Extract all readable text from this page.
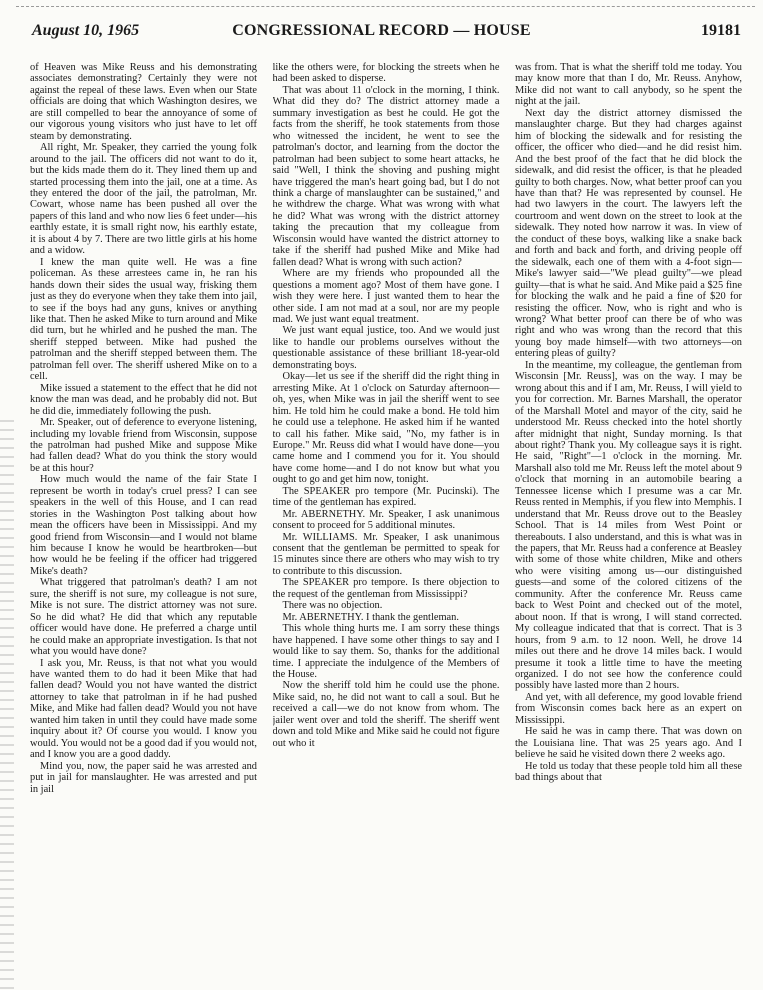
August 10, 1965	CONGRESSIONAL RECORD — HOUSE	19181

of Heaven was Mike Reuss and his demonstrating associates demonstrating? Certainly they were not against the repeal of these laws. Even when our State officials are doing that which Washington desires, we are still compelled to bear the annoyance of some of our vigorous young visitors who just have to let off steam by demonstrating.

All right, Mr. Speaker, they carried the young folk around to the jail. The officers did not want to do it, but the kids made them do it. They lined them up and started processing them into the jail, one at a time. As they entered the door of the jail, the patrolman, Mr. Cowart, whose name has been pushed all over the papers of this land and who now lies 6 feet under—his earthly estate, it is small right now, his earthly estate, it is about 4 by 7. There are two little girls at his home and a widow.

I knew the man quite well. He was a fine policeman. As these arrestees came in, he ran his hands down their sides the usual way, frisking them just as they do everyone when they take them into jail, to see if the boys had any guns, knives or anything like that. Then he asked Mike to turn around and Mike did turn, but he whirled and he pushed the man. The sheriff stepped between. Mike had pushed the patrolman and the sheriff stepped between them. The patrolman fell over. The sheriff ushered Mike on to a cell.

Mike issued a statement to the effect that he did not know the man was dead, and he probably did not. But he did die, immediately following the push.

Mr. Speaker, out of deference to everyone listening, including my lovable friend from Wisconsin, suppose the patrolman had pushed Mike and suppose Mike had fallen dead? What do you think the story would be at this hour?

How much would the name of the fair State I represent be worth in today's cruel press? I can see speakers in the well of this House, and I can read stories in the Washington Post talking about how mean the officers have been in Mississippi. And my good friend from Wisconsin—and I would not blame him because I know he would be heartbroken—but how would he be feeling if the officer had triggered Mike's death?

What triggered that patrolman's death? I am not sure, the sheriff is not sure, my colleague is not sure, Mike is not sure. The district attorney was not sure. So he did what? He did that which any reputable officer would have done. He preferred a charge until he could make an appropriate investigation. Is that not what you would have done?

I ask you, Mr. Reuss, is that not what you would have wanted them to do had it been Mike that had fallen dead? Would you not have wanted the district attorney to take that patrolman in if he had pushed Mike, and Mike had fallen dead? Would you not have wanted him taken in until they could have made some inquiry about it? Of course you would. I know you would. You would not be a good dad if you would not, and I know you are a good daddy.

Mind you, now, the paper said he was arrested and put in jail for manslaughter. He was arrested and put in jail

like the others were, for blocking the streets when he had been asked to disperse.

That was about 11 o'clock in the morning, I think. What did they do? The district attorney made a summary investigation as best he could. He got the facts from the sheriff, he took statements from those who witnessed the incident, he went to see the patrolman's doctor, and learning from the doctor the patrolman had been subject to some heart attacks, he said "Well, I think the shoving and pushing might have triggered the man's heart going bad, but I do not think a charge of manslaughter can be sustained," and he withdrew the charge. What was wrong with what he did? What was wrong with the district attorney taking the precaution that my colleague from Wisconsin would have wanted the district attorney to take if the sheriff had pushed Mike and Mike had fallen dead? What is wrong with such action?

Where are my friends who propounded all the questions a moment ago? Most of them have gone. I wish they were here. I just wanted them to hear the other side. I am not mad at a soul, nor are my people mad. We just want equal treatment.

We just want equal justice, too. And we would just like to handle our problems ourselves without the questionable assistance of these brilliant 18-year-old demonstrating boys.

Okay—let us see if the sheriff did the right thing in arresting Mike. At 1 o'clock on Saturday afternoon—oh, yes, when Mike was in jail the sheriff went to see him. He told him he could make a bond. He told him he could use a telephone. He asked him if he wanted to call his father. Mike said, "No, my father is in Europe." Mr. Reuss did what I would have done—you came home and I commend you for it. You should have come home—and I do not know but what you ought to go and get him now, tonight.

The SPEAKER pro tempore (Mr. Pucinski). The time of the gentleman has expired.

Mr. ABERNETHY. Mr. Speaker, I ask unanimous consent to proceed for 5 additional minutes.

Mr. WILLIAMS. Mr. Speaker, I ask unanimous consent that the gentleman be permitted to speak for 15 minutes since there are others who may wish to try to contribute to this discussion.

The SPEAKER pro tempore. Is there objection to the request of the gentleman from Mississippi?

There was no objection.

Mr. ABERNETHY. I thank the gentleman.

This whole thing hurts me. I am sorry these things have happened. I have some other things to say and I would like to say them. So, thanks for the additional time. I appreciate the indulgence of the Members of the House.

Now the sheriff told him he could use the phone. Mike said, no, he did not want to call a soul. But he received a call—we do not know from whom. The jailer went over and told the sheriff. The sheriff went down and told Mike and Mike said he could not figure out who it

was from. That is what the sheriff told me today. You may know more that than I do, Mr. Reuss. Anyhow, Mike did not want to call anybody, so he spent the night at the jail.

Next day the district attorney dismissed the manslaughter charge. But they had charges against him of blocking the sidewalk and for resisting the officer, the officer who died—and he did resist him. And the best proof of the fact that he did block the sidewalk, and did resist the officer, is that he pleaded guilty to both charges. Now, what better proof can you have than that? He was represented by counsel. He had two lawyers in the court. The lawyers left the courtroom and went down on the street to look at the sidewalk. They noted how narrow it was. In view of the conduct of these boys, walking like a snake back and forth and back and forth, and driving people off the sidewalk, each one of them with a 4-foot sign—Mike's lawyer said—"We plead guilty"—we plead guilty—that is what he said. And Mike paid a $25 fine for blocking the walk and he paid a fine of $20 for resisting the officer. Now, who is right and who is wrong? What better proof can there be of who was right and who was wrong than the record that this young boy made himself—with two attorneys—on entering pleas of guilty?

In the meantime, my colleague, the gentleman from Wisconsin [Mr. Reuss], was on the way. I may be wrong about this and if I am, Mr. Reuss, I will yield to you for correction. Mr. Barnes Marshall, the operator of the Marshall Motel and mayor of the city, said he understood Mr. Reuss checked into the hotel shortly after midnight that night, Sunday morning. Is that about right? Thank you. My colleague says it is right. He said, "Right"—1 o'clock in the morning. Mr. Marshall also told me Mr. Reuss left the motel about 9 o'clock that morning in an automobile bearing a Tennessee license which I presume was a car Mr. Reuss rented in Memphis, if you flew into Memphis. I understand that Mr. Reuss drove out to the Beasley School. That is 14 miles from West Point or thereabouts. I also understand, and this is what was in the papers, that Mr. Reuss had a conference at Beasley with some of those white children, Mike and others who were visiting among us—our distinguished guests—and some of the colored citizens of the community. After the conference Mr. Reuss came back to West Point and checked out of the motel, about noon. If that is wrong, I will stand corrected. My colleague indicated that that is correct. That is 3 hours, from 9 a.m. to 12 noon. Well, he drove 14 miles out there and he drove 14 miles back. I would presume it took a little time to have the meeting organized. I do not see how the conference could possibly have lasted more than 2 hours.

And yet, with all deference, my good lovable friend from Wisconsin comes back here as an expert on Mississippi.

He said he was in camp there. That was down on the Louisiana line. That was 25 years ago. And I believe he said he visited down there 2 weeks ago.

He told us today that these people told him all these bad things about that
